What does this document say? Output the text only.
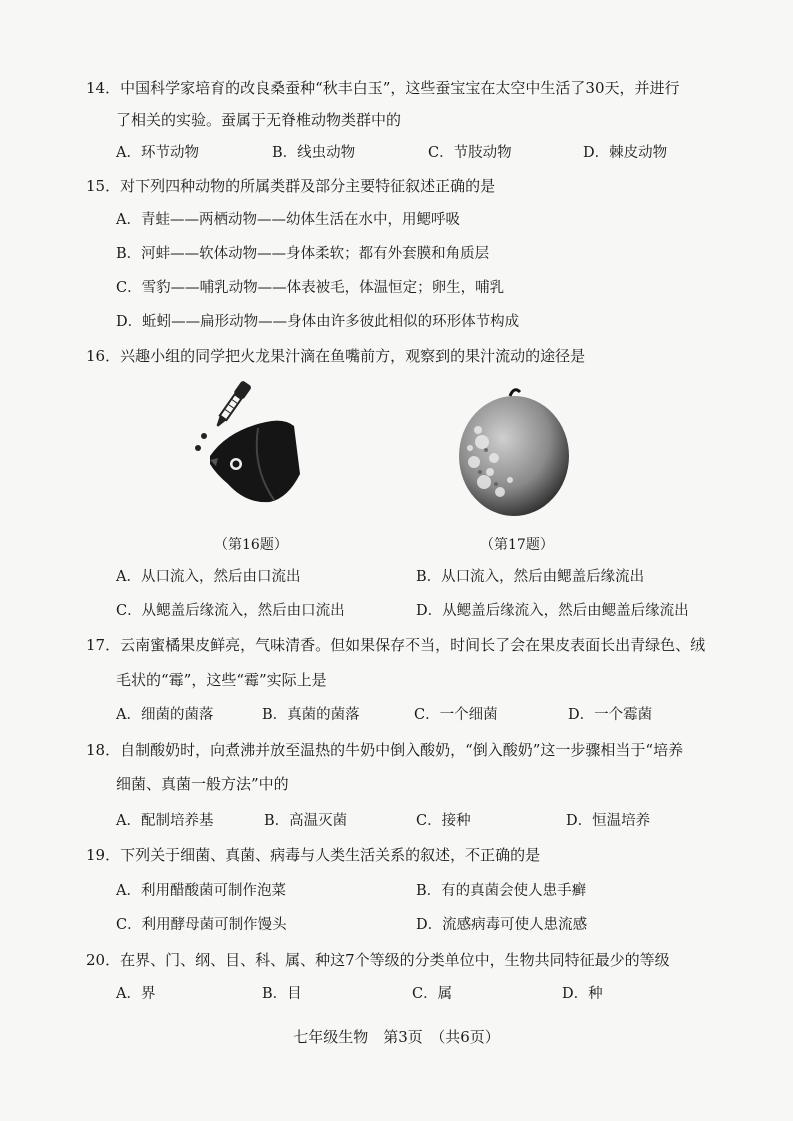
14．中国科学家培育的改良桑蚕种“秋丰白玉”，这些蚕宝宝在太空中生活了30天，并进行
了相关的实验。蚕属于无脊椎动物类群中的
A．环节动物	B．线虫动物	C．节肢动物	D．棘皮动物
15．对下列四种动物的所属类群及部分主要特征叙述正确的是
A．青蛙——两栖动物——幼体生活在水中，用鳃呼吸
B．河蚌——软体动物——身体柔软；都有外套膜和角质层
C．雪豹——哺乳动物——体表被毛，体温恒定；卵生，哺乳
D．蚯蚓——扁形动物——身体由许多彼此相似的环形体节构成
16．兴趣小组的同学把火龙果汁滴在鱼嘴前方，观察到的果汁流动的途径是
（第16题）	（第17题）
A．从口流入，然后由口流出	B．从口流入，然后由鳃盖后缘流出
C．从鳃盖后缘流入，然后由口流出	D．从鳃盖后缘流入，然后由鳃盖后缘流出
17．云南蜜橘果皮鲜亮，气味清香。但如果保存不当，时间长了会在果皮表面长出青绿色、绒
毛状的“霉”，这些“霉”实际上是
A．细菌的菌落	B．真菌的菌落	C．一个细菌	D．一个霉菌
18．自制酸奶时，向煮沸并放至温热的牛奶中倒入酸奶，“倒入酸奶”这一步骤相当于“培养
细菌、真菌一般方法”中的
A．配制培养基	B．高温灭菌	C．接种	D．恒温培养
19．下列关于细菌、真菌、病毒与人类生活关系的叙述，不正确的是
A．利用醋酸菌可制作泡菜	B．有的真菌会使人患手癣
C．利用酵母菌可制作馒头	D．流感病毒可使人患流感
20．在界、门、纲、目、科、属、种这7个等级的分类单位中，生物共同特征最少的等级
A．界	B．目	C．属	D．种
七年级生物　第3页　（共6页）
